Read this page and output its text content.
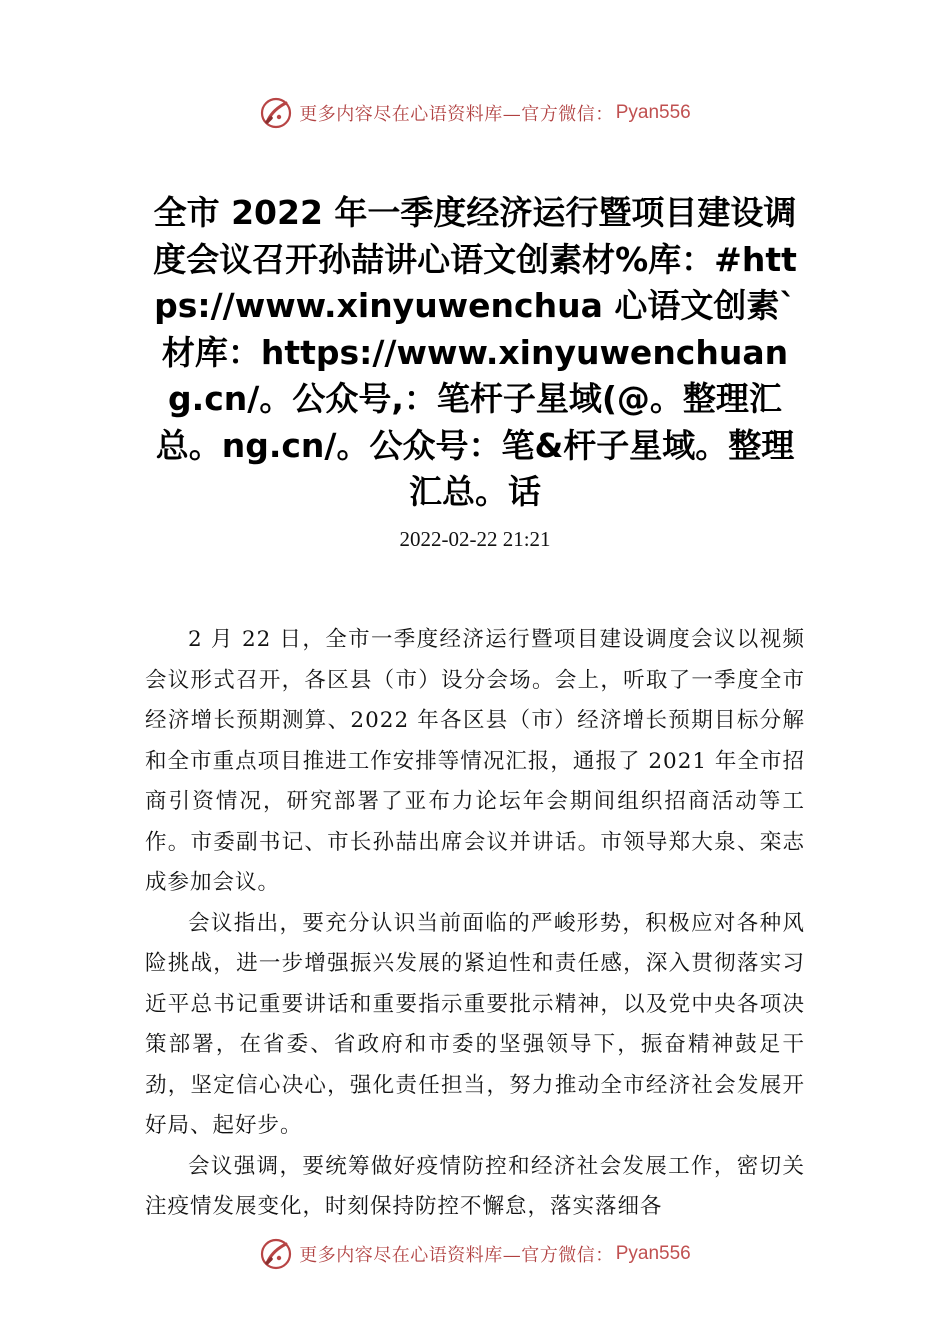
更多内容尽在心语资料库—官方微信： Pyan556
全市 2022 年一季度经济运行暨项目建设调度会议召开孙喆讲心语文创素材%库：#https://www.xinyuwenchua 心语文创素`材库：https://www.xinyuwenchuang.cn/。公众号,：笔杆子星域(@。整理汇总。ng.cn/。公众号：笔&杆子星域。整理汇总。话
2022-02-22 21:21

2 月 22 日，全市一季度经济运行暨项目建设调度会议以视频会议形式召开，各区县（市）设分会场。会上，听取了一季度全市经济增长预期测算、2022 年各区县（市）经济增长预期目标分解和全市重点项目推进工作安排等情况汇报，通报了 2021 年全市招商引资情况，研究部署了亚布力论坛年会期间组织招商活动等工作。市委副书记、市长孙喆出席会议并讲话。市领导郑大泉、栾志成参加会议。

会议指出，要充分认识当前面临的严峻形势，积极应对各种风险挑战，进一步增强振兴发展的紧迫性和责任感，深入贯彻落实习近平总书记重要讲话和重要指示重要批示精神，以及党中央各项决策部署，在省委、省政府和市委的坚强领导下，振奋精神鼓足干劲，坚定信心决心，强化责任担当，努力推动全市经济社会发展开好局、起好步。

会议强调，要统筹做好疫情防控和经济社会发展工作，密切关注疫情发展变化，时刻保持防控不懈怠，落实落细各

更多内容尽在心语资料库—官方微信： Pyan556
